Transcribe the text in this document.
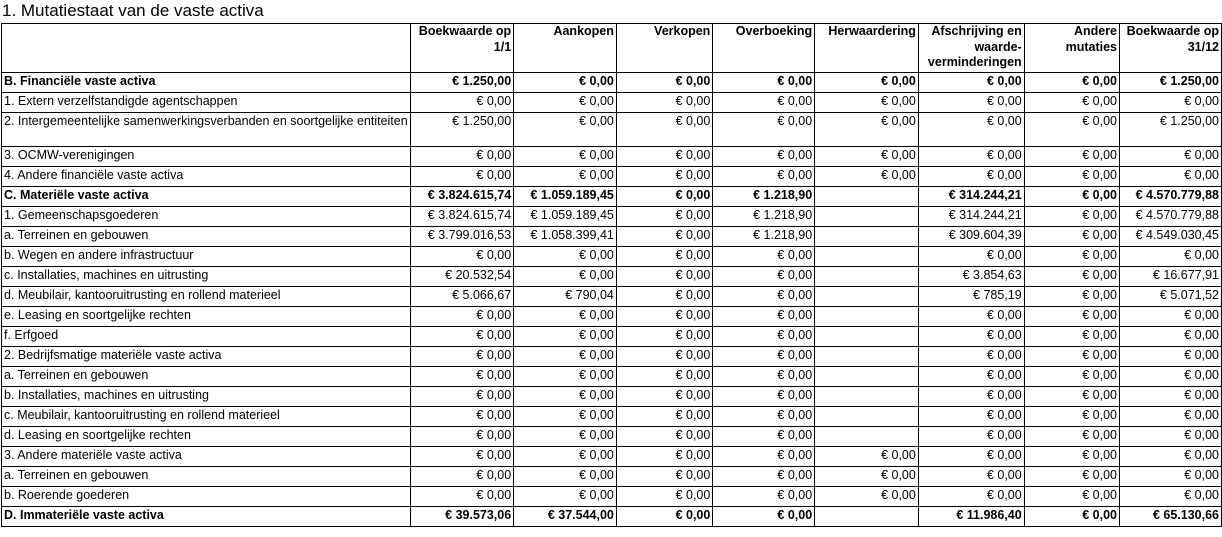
1. Mutatiestaat van de vaste activa
	Boekwaarde op 1/1	Aankopen	Verkopen	Overboeking	Herwaardering	Afschrijving en waarde-verminderingen	Andere mutaties	Boekwaarde op 31/12
B. Financiële vaste activa	€ 1.250,00	€ 0,00	€ 0,00	€ 0,00	€ 0,00	€ 0,00	€ 0,00	€ 1.250,00
1. Extern verzelfstandigde agentschappen	€ 0,00	€ 0,00	€ 0,00	€ 0,00	€ 0,00	€ 0,00	€ 0,00	€ 0,00
2. Intergemeentelijke samenwerkingsverbanden en soortgelijke entiteiten	€ 1.250,00	€ 0,00	€ 0,00	€ 0,00	€ 0,00	€ 0,00	€ 0,00	€ 1.250,00
3. OCMW-verenigingen	€ 0,00	€ 0,00	€ 0,00	€ 0,00	€ 0,00	€ 0,00	€ 0,00	€ 0,00
4. Andere financiële vaste activa	€ 0,00	€ 0,00	€ 0,00	€ 0,00	€ 0,00	€ 0,00	€ 0,00	€ 0,00
C. Materiële vaste activa	€ 3.824.615,74	€ 1.059.189,45	€ 0,00	€ 1.218,90		€ 314.244,21	€ 0,00	€ 4.570.779,88
1. Gemeenschapsgoederen	€ 3.824.615,74	€ 1.059.189,45	€ 0,00	€ 1.218,90		€ 314.244,21	€ 0,00	€ 4.570.779,88
a. Terreinen en gebouwen	€ 3.799.016,53	€ 1.058.399,41	€ 0,00	€ 1.218,90		€ 309.604,39	€ 0,00	€ 4.549.030,45
b. Wegen en andere infrastructuur	€ 0,00	€ 0,00	€ 0,00	€ 0,00		€ 0,00	€ 0,00	€ 0,00
c. Installaties, machines en uitrusting	€ 20.532,54	€ 0,00	€ 0,00	€ 0,00		€ 3.854,63	€ 0,00	€ 16.677,91
d. Meubilair, kantooruitrusting en rollend materieel	€ 5.066,67	€ 790,04	€ 0,00	€ 0,00		€ 785,19	€ 0,00	€ 5.071,52
e. Leasing en soortgelijke rechten	€ 0,00	€ 0,00	€ 0,00	€ 0,00		€ 0,00	€ 0,00	€ 0,00
f. Erfgoed	€ 0,00	€ 0,00	€ 0,00	€ 0,00		€ 0,00	€ 0,00	€ 0,00
2. Bedrijfsmatige materiële vaste activa	€ 0,00	€ 0,00	€ 0,00	€ 0,00		€ 0,00	€ 0,00	€ 0,00
a. Terreinen en gebouwen	€ 0,00	€ 0,00	€ 0,00	€ 0,00		€ 0,00	€ 0,00	€ 0,00
b. Installaties, machines en uitrusting	€ 0,00	€ 0,00	€ 0,00	€ 0,00		€ 0,00	€ 0,00	€ 0,00
c. Meubilair, kantooruitrusting en rollend materieel	€ 0,00	€ 0,00	€ 0,00	€ 0,00		€ 0,00	€ 0,00	€ 0,00
d. Leasing en soortgelijke rechten	€ 0,00	€ 0,00	€ 0,00	€ 0,00		€ 0,00	€ 0,00	€ 0,00
3. Andere materiële vaste activa	€ 0,00	€ 0,00	€ 0,00	€ 0,00	€ 0,00	€ 0,00	€ 0,00	€ 0,00
a. Terreinen en gebouwen	€ 0,00	€ 0,00	€ 0,00	€ 0,00	€ 0,00	€ 0,00	€ 0,00	€ 0,00
b. Roerende goederen	€ 0,00	€ 0,00	€ 0,00	€ 0,00	€ 0,00	€ 0,00	€ 0,00	€ 0,00
D. Immateriële vaste activa	€ 39.573,06	€ 37.544,00	€ 0,00	€ 0,00		€ 11.986,40	€ 0,00	€ 65.130,66
